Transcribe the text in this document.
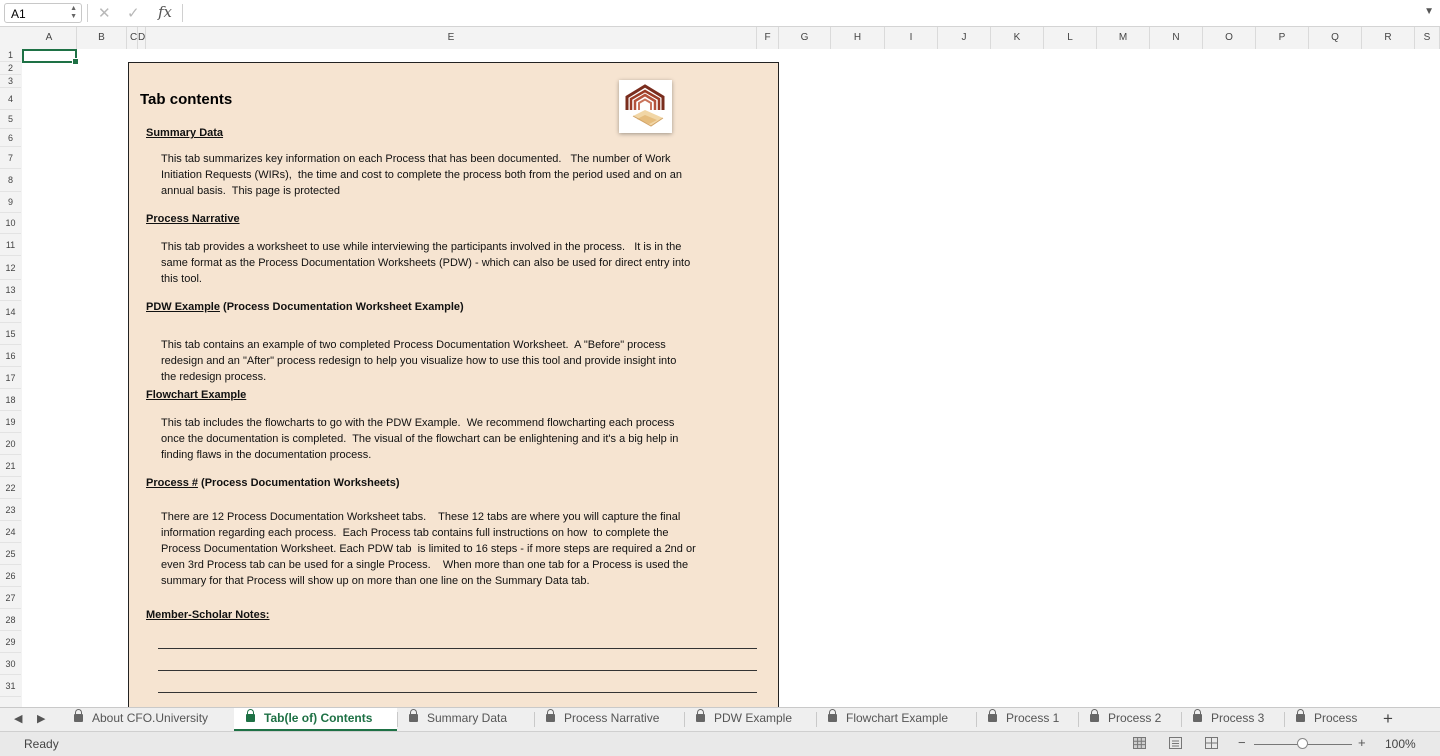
A1	▲
▼ ✕ ✓ fx	▼
A	B	C D	E	F	G	H	I	J	K	L	M	N	O	P	Q	R	S
1
2
3
4
5
6
7
8
9
10
11
12
13
14
15
16
17
18
19
20
21
22
23
24
25
26
27
28
29
30
31
Tab contents
Summary Data
This tab summarizes key information on each Process that has been documented.   The number of Work
Initiation Requests (WIRs),  the time and cost to complete the process both from the period used and on an
annual basis.  This page is protected
Process Narrative
This tab provides a worksheet to use while interviewing the participants involved in the process.   It is in the
same format as the Process Documentation Worksheets (PDW) - which can also be used for direct entry into
this tool.
PDW Example (Process Documentation Worksheet Example)
This tab contains an example of two completed Process Documentation Worksheet.  A "Before" process
redesign and an "After" process redesign to help you visualize how to use this tool and provide insight into
the redesign process.
Flowchart Example
This tab includes the flowcharts to go with the PDW Example.  We recommend flowcharting each process
once the documentation is completed.  The visual of the flowchart can be enlightening and it's a big help in
finding flaws in the documentation process.
Process # (Process Documentation Worksheets)
There are 12 Process Documentation Worksheet tabs.    These 12 tabs are where you will capture the final
information regarding each process.  Each Process tab contains full instructions on how  to complete the
Process Documentation Worksheet. Each PDW tab  is limited to 16 steps - if more steps are required a 2nd or
even 3rd Process tab can be used for a single Process.    When more than one tab for a Process is used the
summary for that Process will show up on more than one line on the Summary Data tab.
Member-Scholar Notes:
◀ ▶	About CFO.University	Tab(le of) Contents	Summary Data	Process Narrative	PDW Example	Flowchart Example	Process 1	Process 2	Process 3	Process	+
Ready	−	+ 100%
